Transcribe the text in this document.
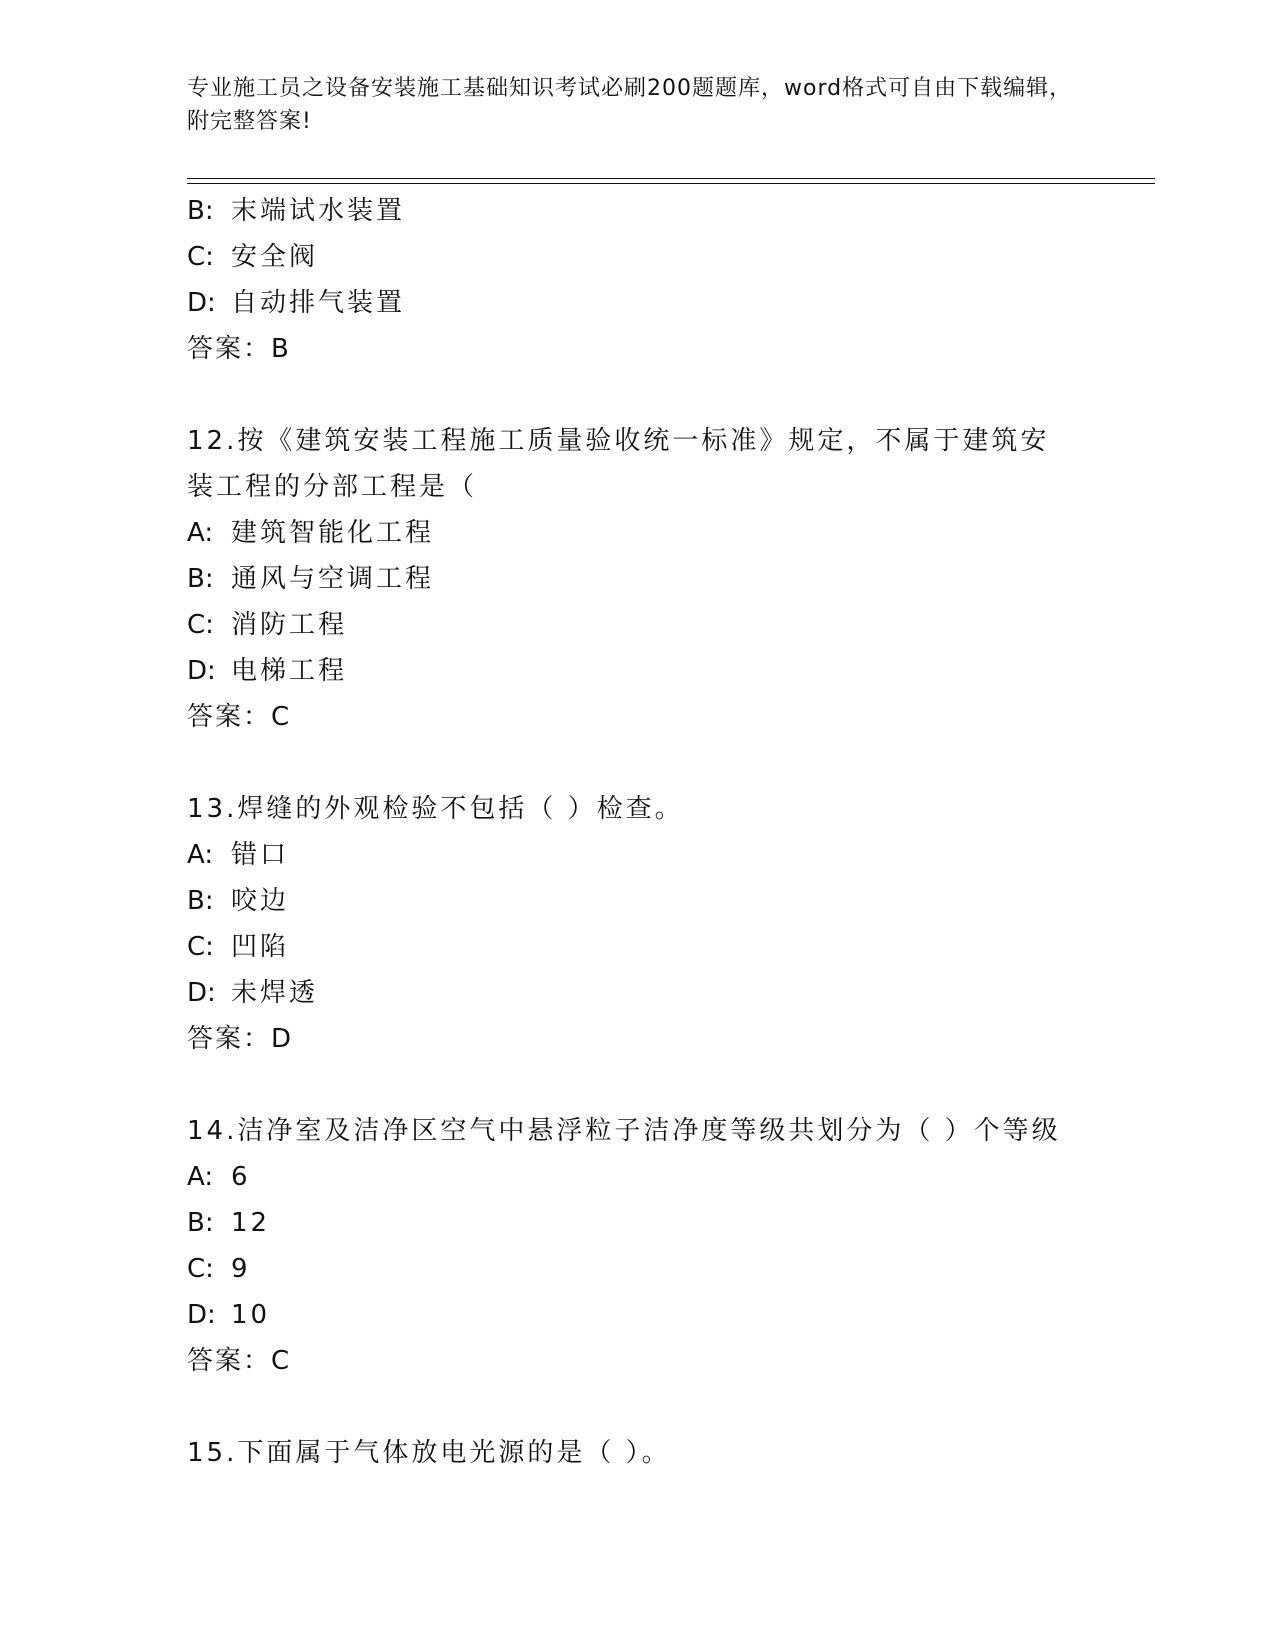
专业施工员之设备安装施工基础知识考试必刷200题题库，word格式可自由下载编辑，附完整答案!
B: 末端试水装置
C: 安全阀
D: 自动排气装置
答案：B
12.按《建筑安装工程施工质量验收统一标准》规定，不属于建筑安装工程的分部工程是（
A: 建筑智能化工程
B: 通风与空调工程
C: 消防工程
D: 电梯工程
答案：C
13.焊缝的外观检验不包括（ ）检查。
A: 错口
B: 咬边
C: 凹陷
D: 未焊透
答案：D
14.洁净室及洁净区空气中悬浮粒子洁净度等级共划分为（ ）个等级
A: 6
B: 12
C: 9
D: 10
答案：C
15.下面属于气体放电光源的是（ ）。
